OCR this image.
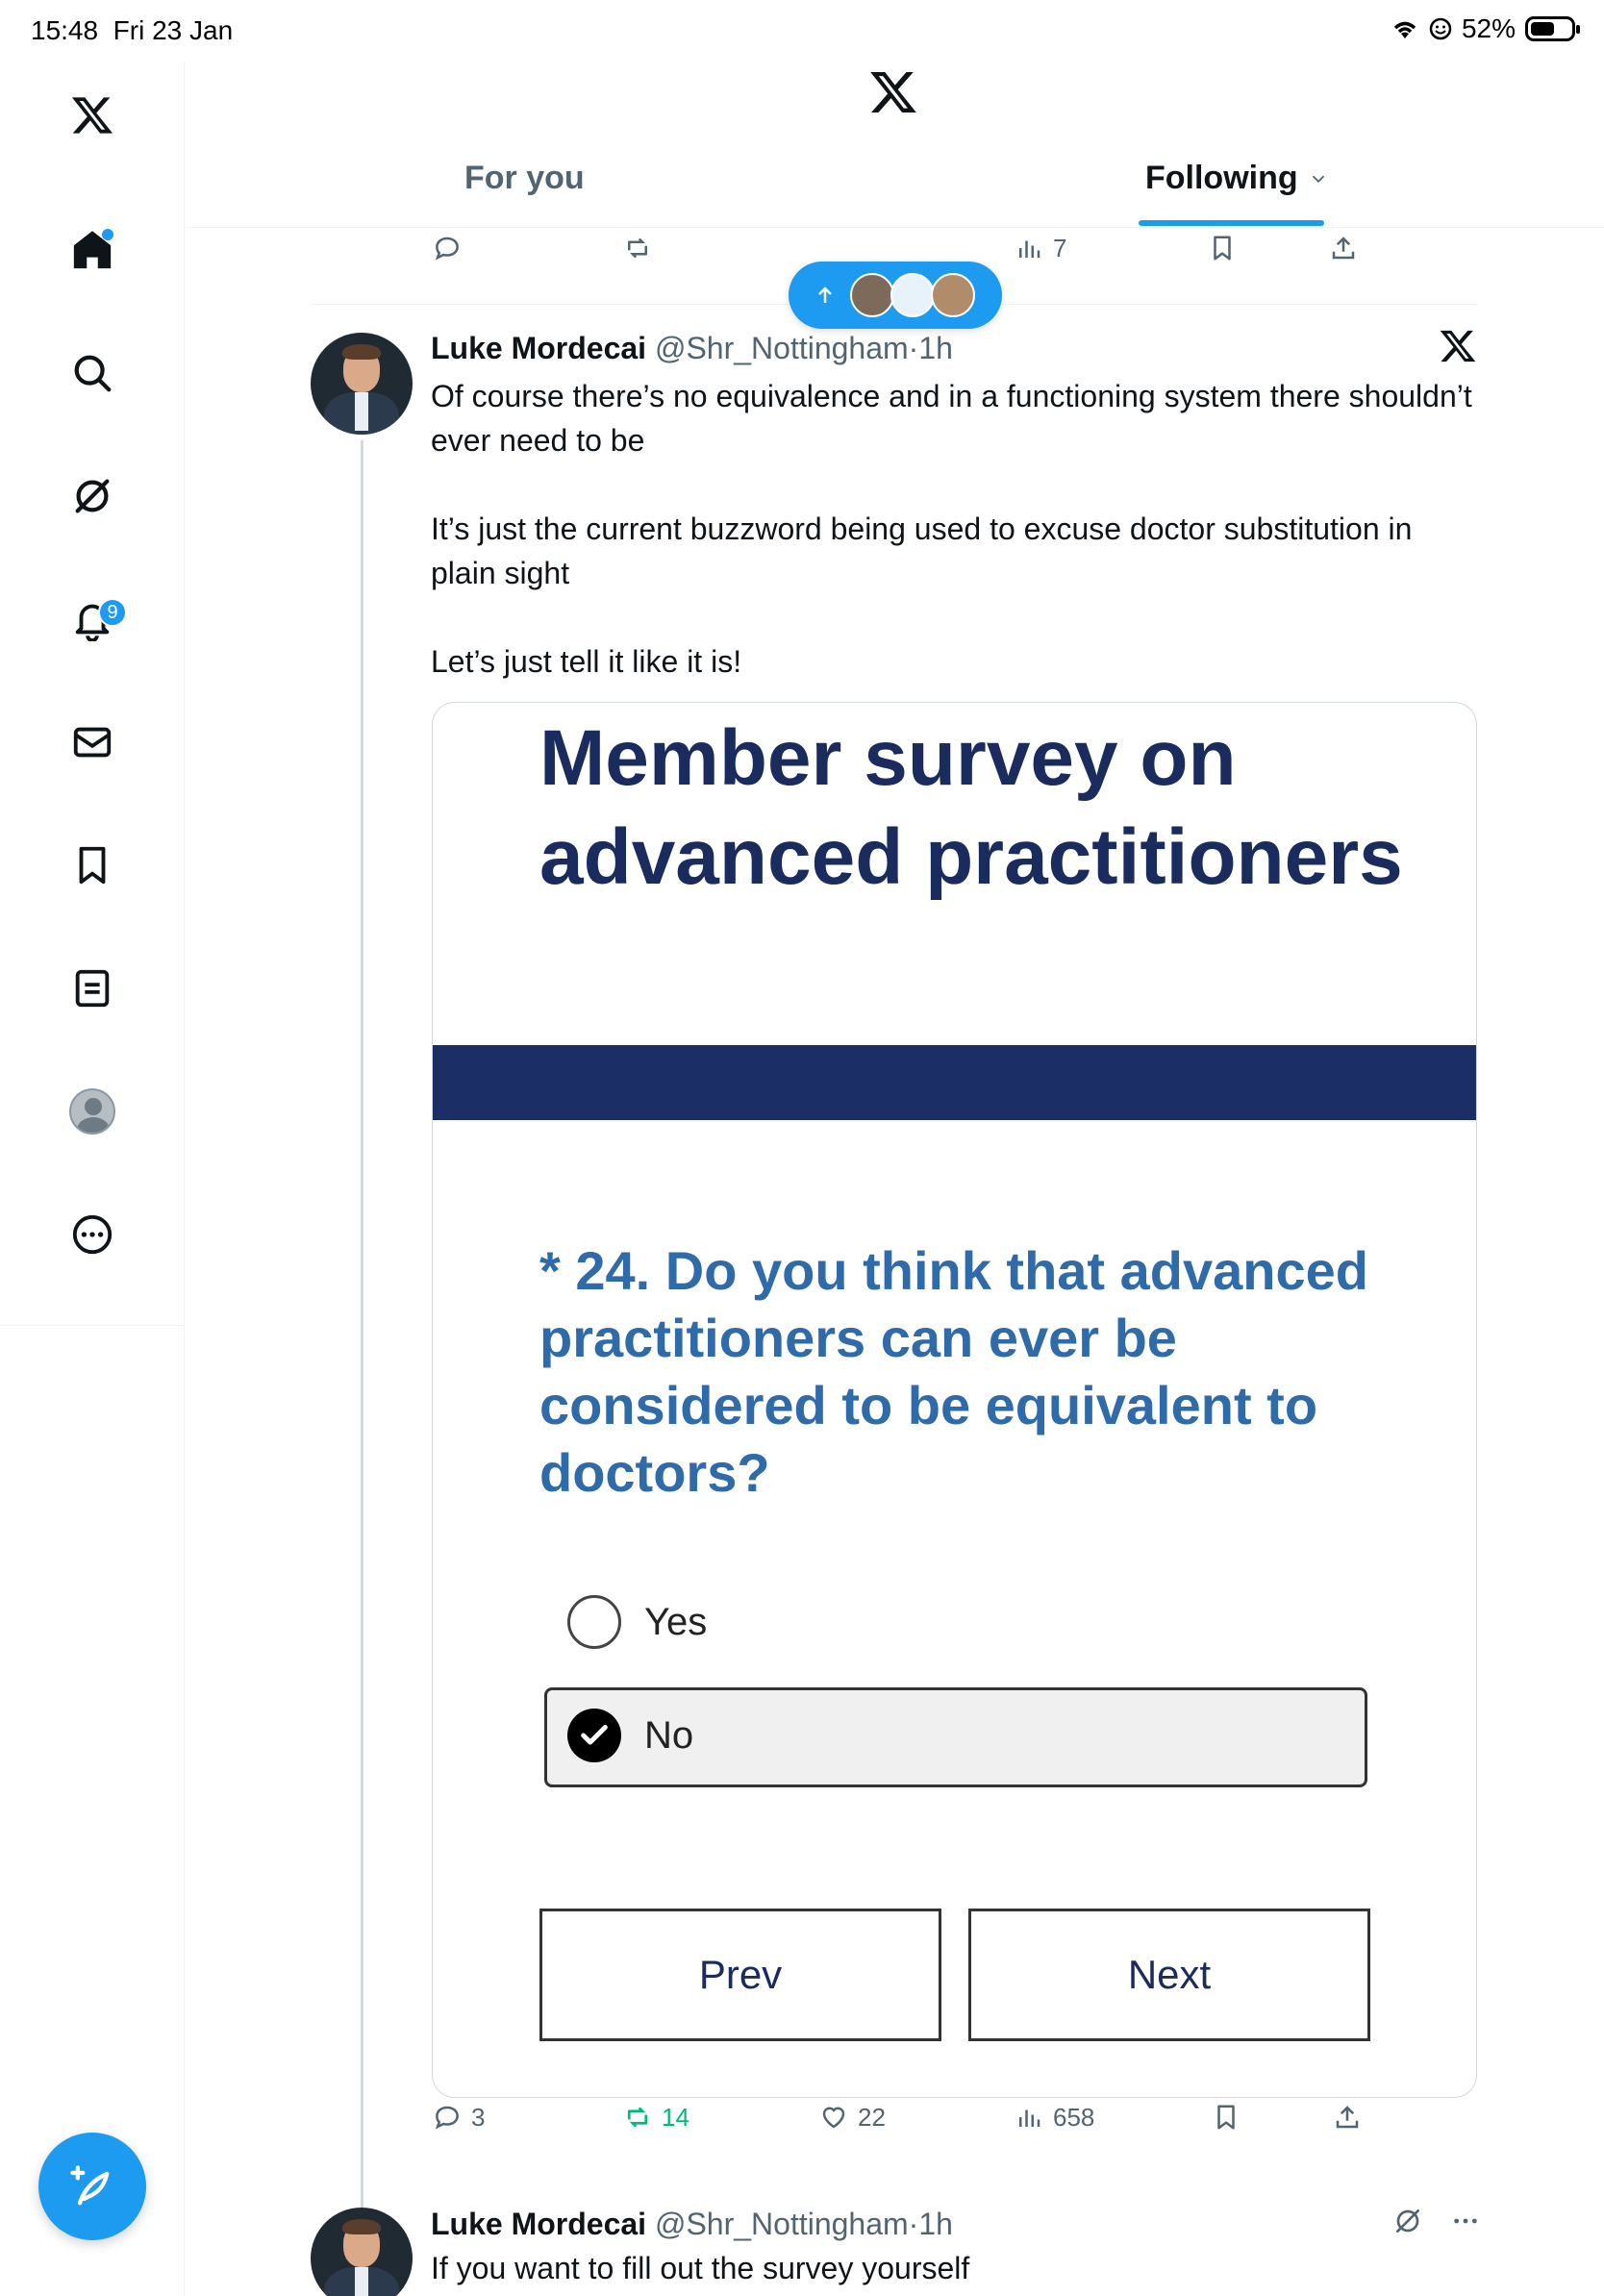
15:48 Fri 23 Jan	52%
9
For you	Following
7
Luke Mordecai @Shr_Nottingham·1h
Of course there’s no equivalence and in a functioning system there shouldn’t ever need to be

It’s just the current buzzword being used to excuse doctor substitution in plain sight

Let’s just tell it like it is!
Member survey on advanced practitioners
* 24. Do you think that advanced practitioners can ever be considered to be equivalent to doctors?
Yes
No
Prev	Next
3	14	22	658
Luke Mordecai @Shr_Nottingham·1h
If you want to fill out the survey yourself
